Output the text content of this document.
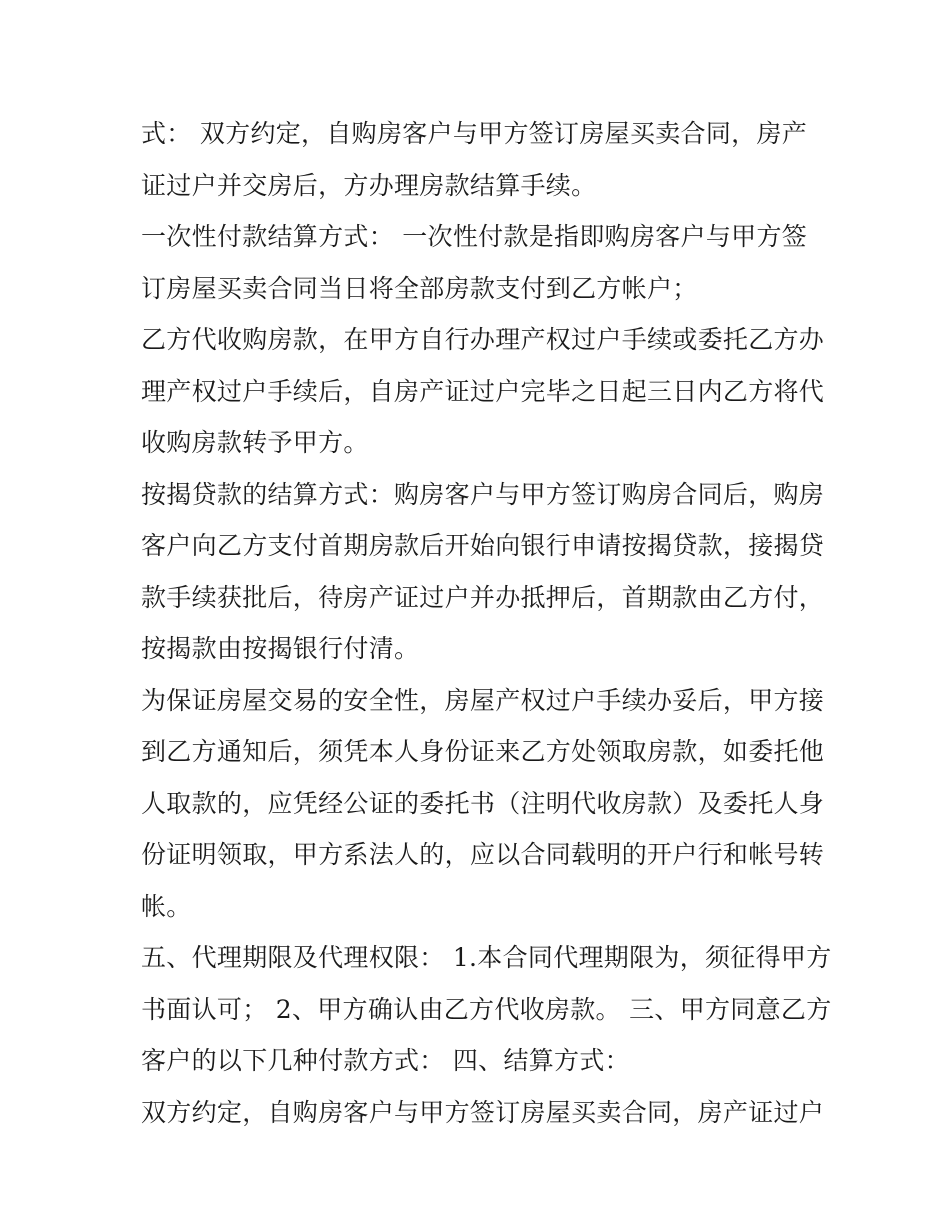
式： 双方约定，自购房客户与甲方签订房屋买卖合同，房产
证过户并交房后，方办理房款结算手续。
一次性付款结算方式： 一次性付款是指即购房客户与甲方签
订房屋买卖合同当日将全部房款支付到乙方帐户；
乙方代收购房款，在甲方自行办理产权过户手续或委托乙方办
理产权过户手续后，自房产证过户完毕之日起三日内乙方将代
收购房款转予甲方。
按揭贷款的结算方式：购房客户与甲方签订购房合同后，购房
客户向乙方支付首期房款后开始向银行申请按揭贷款，接揭贷
款手续获批后，待房产证过户并办抵押后，首期款由乙方付，
按揭款由按揭银行付清。
为保证房屋交易的安全性，房屋产权过户手续办妥后，甲方接
到乙方通知后，须凭本人身份证来乙方处领取房款，如委托他
人取款的，应凭经公证的委托书（注明代收房款）及委托人身
份证明领取，甲方系法人的，应以合同载明的开户行和帐号转
帐。
五、代理期限及代理权限： 1.本合同代理期限为，须征得甲方
书面认可； 2、甲方确认由乙方代收房款。 三、甲方同意乙方
客户的以下几种付款方式： 四、结算方式：
双方约定，自购房客户与甲方签订房屋买卖合同，房产证过户
